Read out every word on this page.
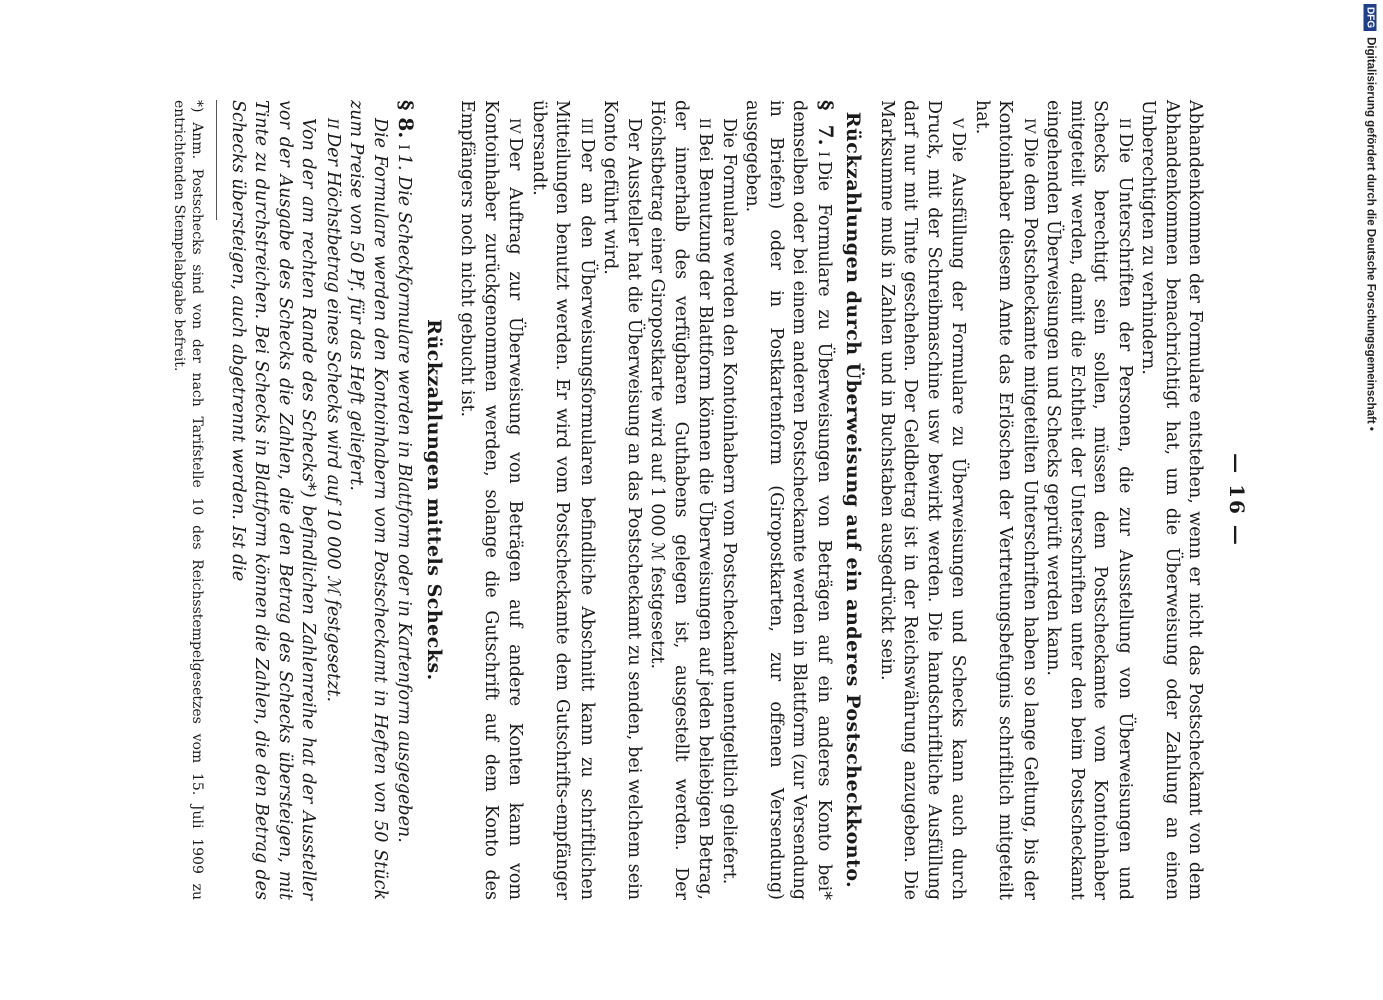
— 16 —

Abhandenkommen der Formulare entstehen, wenn er nicht das Postscheckamt von dem Abhandenkommen benachrichtigt hat, um die Überweisung oder Zahlung an einen Unberechtigten zu verhindern.

IIDie Unterschriften der Personen, die zur Ausstellung von Überweisungen und Schecks berechtigt sein sollen, müssen dem Postscheckamte vom Kontoinhaber mitgeteilt werden, damit die Echtheit der Unterschriften unter den beim Postscheckamt eingehenden Überweisungen und Schecks geprüft werden kann.

IVDie dem Postscheckamte mitgeteilten Unterschriften haben so lange Geltung, bis der Kontoinhaber diesem Amte das Erlöschen der Vertretungsbefugnis schriftlich mitgeteilt hat.

VDie Ausfüllung der Formulare zu Überweisungen und Schecks kann auch durch Druck, mit der Schreibmaschine usw bewirkt werden. Die handschriftliche Ausfüllung darf nur mit Tinte geschehen. Der Geldbetrag ist in der Reichswährung anzugeben. Die Marksumme muß in Zahlen und in Buchstaben ausgedrückt sein.

Rückzahlungen durch Überweisung auf ein anderes Postscheckkonto.

§ 7.IDie Formulare zu Überweisungen von Beträgen auf ein anderes Konto bei* demselben oder bei einem anderen Postscheckamte werden in Blattform (zur Versendung in Briefen) oder in Postkartenform (Giropostkarten, zur offenen Versendung) ausgegeben.

Die Formulare werden den Kontoinhabern vom Postscheckamt unentgeltlich geliefert.

IIBei Benutzung der Blattform können die Überweisungen auf jeden beliebigen Betrag, der innerhalb des verfügbaren Guthabens gelegen ist, ausgestellt werden. Der Höchstbetrag einer Giropostkarte wird auf 1 000 ℳ festgesetzt.

Der Aussteller hat die Überweisung an das Postscheckamt zu senden, bei welchem sein Konto geführt wird.

IIIDer an den Überweisungsformularen befindliche Abschnitt kann zu schriftlichen Mitteilungen benutzt werden. Er wird vom Postscheckamte dem Gutschrifts-empfänger übersandt.

IVDer Auftrag zur Überweisung von Beträgen auf andere Konten kann vom Kontoinhaber zurückgenommen werden, solange die Gutschrift auf dem Konto des Empfängers noch nicht gebucht ist.

Rückzahlungen mittels Schecks.

§ 8.I1. Die Scheckformulare werden in Blattform oder in Kartenform ausgegeben.

Die Formulare werden den Kontoinhabern vom Postscheckamt in Heften von 50 Stück zum Preise von 50 Pf. für das Heft geliefert.

IIDer Höchstbetrag eines Schecks wird auf 10 000 ℳ festgesetzt.

Von der am rechten Rande des Schecks*) befindlichen Zahlenreihe hat der Aussteller vor der Ausgabe des Schecks die Zahlen, die den Betrag des Schecks übersteigen, mit Tinte zu durchstreichen. Bei Schecks in Blattform können die Zahlen, die den Betrag des Schecks übersteigen, auch abgetrennt werden. Ist die

*) Anm. Postschecks sind von der nach Tarifstelle 10 des Reichsstempelgesetzes vom 15. Juli 1909 zu entrichtenden Stempelabgabe befreit.

DFGDigitalisierung gefördert durch die Deutsche Forschungsgemeinschaft •
